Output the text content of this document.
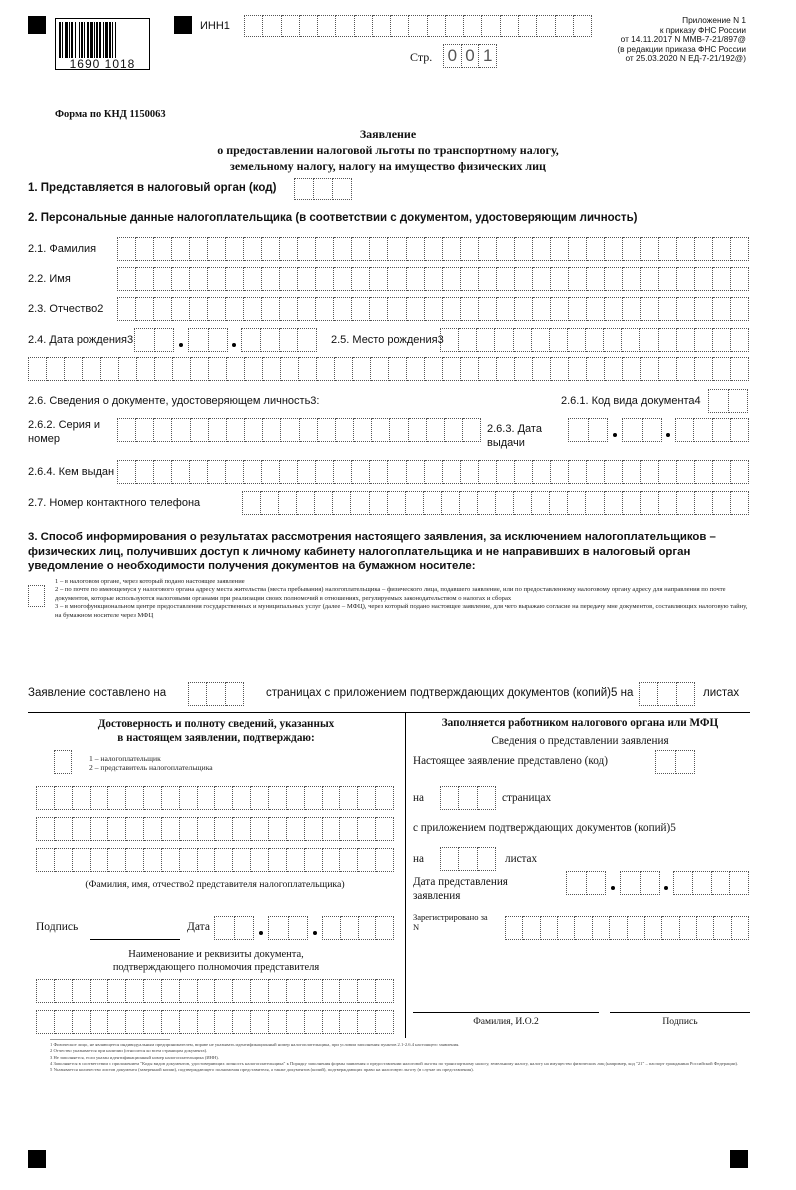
1690 1018
ИНН1
Стр. 0 0 1
Приложение N 1
к приказу ФНС России
от 14.11.2017 N ММВ-7-21/897@
(в редакции приказа ФНС России
от 25.03.2020 N ЕД-7-21/192@)
Форма по КНД 1150063
Заявление
о предоставлении налоговой льготы по транспортному налогу,
земельному налогу, налогу на имущество физических лиц
1. Представляется в налоговый орган (код)
2. Персональные данные налогоплательщика (в соответствии с документом, удостоверяющим личность)
2.1. Фамилия
2.2. Имя
2.3. Отчество2
2.4. Дата рождения3	2.5. Место рождения3
2.6. Сведения о документе, удостоверяющем личность3:	2.6.1. Код вида документа4
2.6.2. Серия и номер
2.6.3. Дата выдачи
2.6.4. Кем выдан
2.7. Номер контактного телефона
3. Способ информирования о результатах рассмотрения настоящего заявления, за исключением налогоплательщиков – физических лиц, получивших доступ к личному кабинету налогоплательщика и не направивших в налоговый орган уведомление о необходимости получения документов на бумажном носителе:
1 – в налоговом органе, через который подано настоящее заявление
2 – по почте по имеющемуся у налогового органа адресу места жительства (места пребывания) налогоплательщика – физического лица, подавшего заявление, или по предоставленному налоговому органу адресу для направления по почте документов, которые используются налоговыми органами при реализации своих полномочий в отношениях, регулируемых законодательством о налогах и сборах
3 – в многофункциональном центре предоставления государственных и муниципальных услуг (далее – МФЦ), через который подано настоящее заявление, для чего выражаю согласие на передачу мне документов, составляющих налоговую тайну, на бумажном носителе через МФЦ
Заявление составлено на	страницах с приложением подтверждающих документов (копий)5 на	листах
Достоверность и полноту сведений, указанных
в настоящем заявлении, подтверждаю:
1 – налогоплательщик
2 – представитель налогоплательщика
(Фамилия, имя, отчество2 представителя налогоплательщика)
Подпись	Дата
Наименование и реквизиты документа,
подтверждающего полномочия представителя
Заполняется работником налогового органа или МФЦ
Сведения о представлении заявления
Настоящее заявление представлено (код)
на	страницах
с приложением подтверждающих документов (копий)5
на	листах
Дата представления
заявления
Зарегистрировано за
N
Фамилия, И.О.2	Подпись
1 Физическое лицо, не являющееся индивидуальным предпринимателем, вправе не указывать идентификационный номер налогоплательщика, при условии заполнения пунктов 2.1-2.6.4 настоящего заявления.
2 Отчество указывается при наличии (относится ко всем страницам документа).
3 Не заполняется, если указан идентификационный номер налогоплательщика (ИНН).
4 Заполняется в соответствии с приложением "Коды видов документов, удостоверяющих личность налогоплательщика" к Порядку заполнения формы заявления о предоставлении налоговой льготы по транспортному налогу, земельному налогу, налогу на имущество физических лиц (например, код "21" – паспорт гражданина Российской Федерации).
5 Указывается количество листов документа (заверенной копии), подтверждающего полномочия представителя, а также документов (копий), подтверждающих право на налоговую льготу (в случае их представления).
